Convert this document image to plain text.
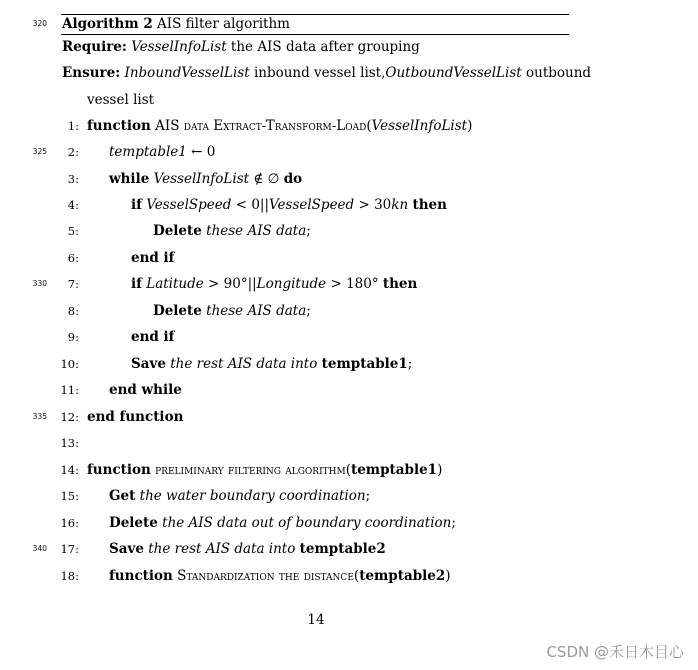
Algorithm 2 AIS filter algorithm
Require: VesselInfoList the AIS data after grouping
Ensure: InboundVesselList inbound vessel list,OutboundVesselList outbound
vessel list
320
1: function AIS data Extract-Transform-Load(VesselInfoList)
325	2: temptable1 ← 0
3: while VesselInfoList ∉ ∅ do
4:	if VesselSpeed < 0||VesselSpeed > 30kn then
5:	Delete these AIS data;
6:	end if
330	7:	if Latitude > 90°||Longitude > 180° then
8:	Delete these AIS data;
9:	end if
10:	Save the rest AIS data into temptable1;
11: end while
335	12: end function
13:
14: function preliminary filtering algorithm(temptable1)
15: Get the water boundary coordination;
16: Delete the AIS data out of boundary coordination;
340	17: Save the rest AIS data into temptable2
18: function Standardization the distance(temptable2)
14
CSDN @禾日木目心
